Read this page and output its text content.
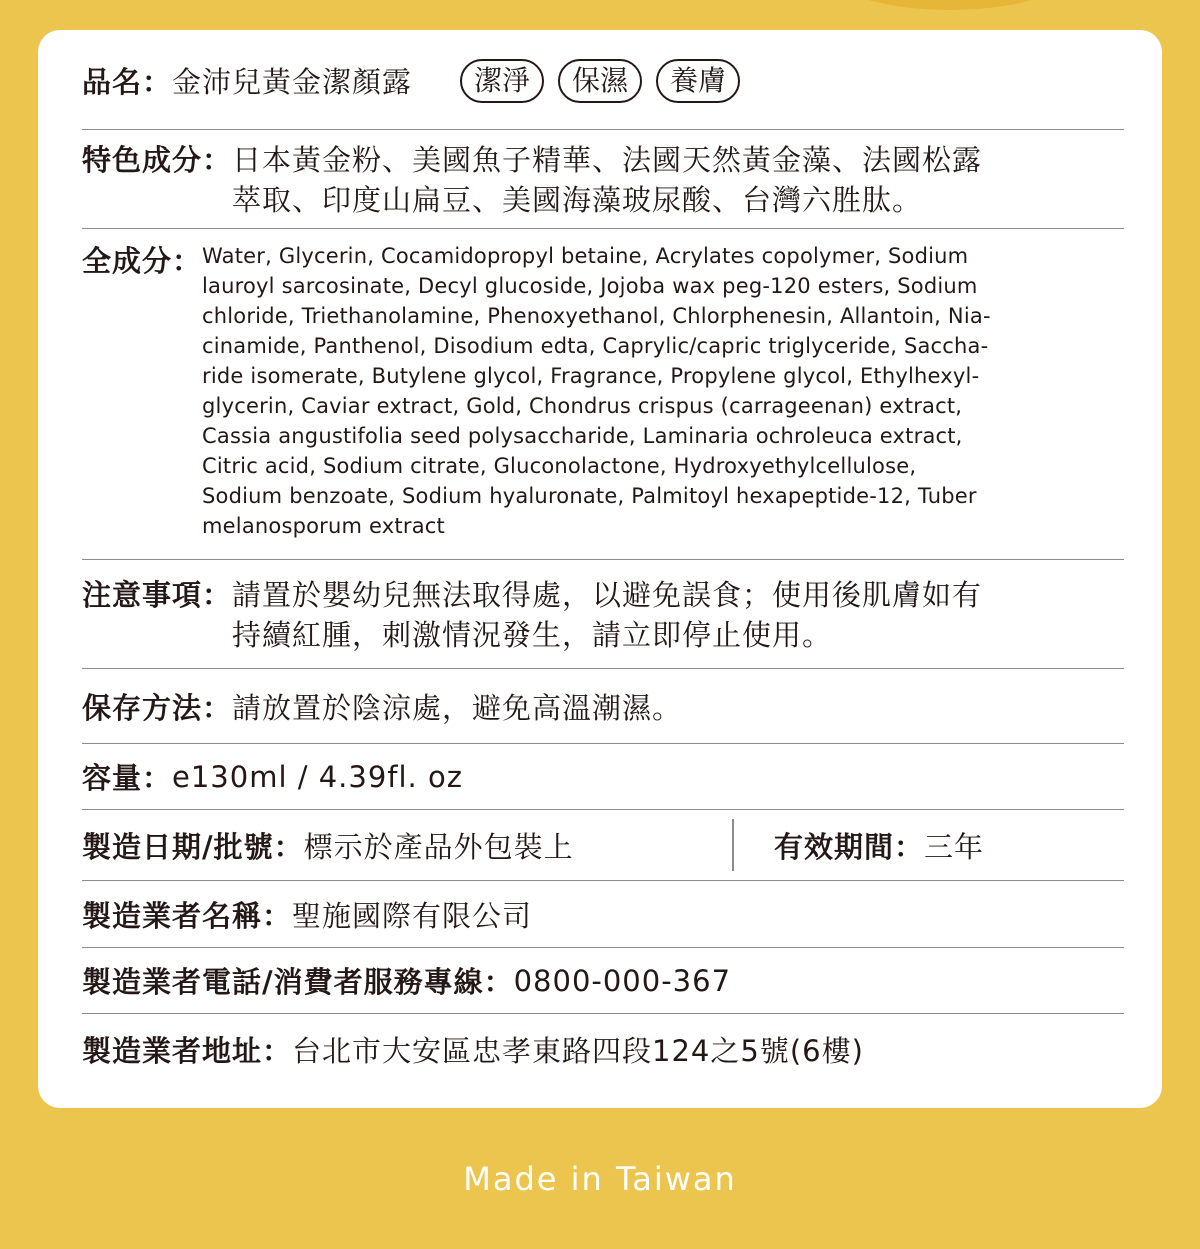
品名： 金沛兒黃金潔顏露	潔淨	保濕	養膚
特色成分： 日本黃金粉、美國魚子精華、法國天然黃金藻、法國松露
萃取、印度山扁豆、美國海藻玻尿酸、台灣六胜肽。
全成分： Water, Glycerin, Cocamidopropyl betaine, Acrylates copolymer, Sodium
lauroyl sarcosinate, Decyl glucoside, Jojoba wax peg-120 esters, Sodium
chloride, Triethanolamine, Phenoxyethanol, Chlorphenesin, Allantoin, Nia-
cinamide, Panthenol, Disodium edta, Caprylic/capric triglyceride, Saccha-
ride isomerate, Butylene glycol, Fragrance, Propylene glycol, Ethylhexyl-
glycerin, Caviar extract, Gold, Chondrus crispus (carrageenan) extract,
Cassia angustifolia seed polysaccharide, Laminaria ochroleuca extract,
Citric acid, Sodium citrate, Gluconolactone, Hydroxyethylcellulose,
Sodium benzoate, Sodium hyaluronate, Palmitoyl hexapeptide-12, Tuber
melanosporum extract
注意事項： 請置於嬰幼兒無法取得處，以避免誤食；使用後肌膚如有
持續紅腫，刺激情況發生，請立即停止使用。
保存方法： 請放置於陰涼處，避免高溫潮濕。
容量： e130ml / 4.39fl. oz
製造日期/批號： 標示於產品外包裝上	有效期間： 三年
製造業者名稱： 聖施國際有限公司
製造業者電話/消費者服務專線： 0800-000-367
製造業者地址： 台北市大安區忠孝東路四段124之5號(6樓)
Made in Taiwan
